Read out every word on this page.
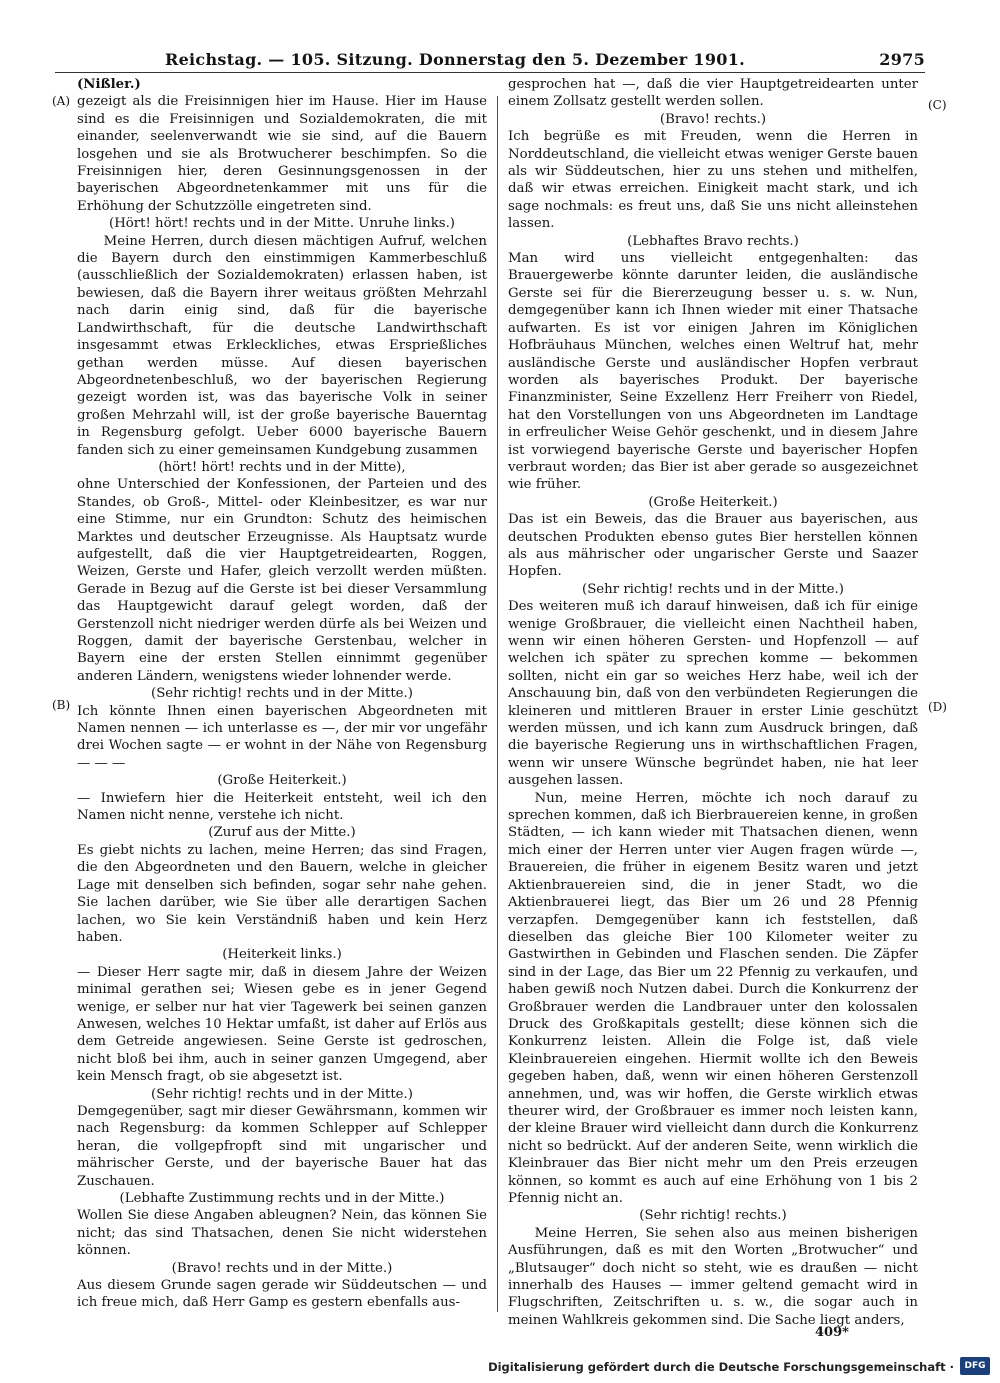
Reichstag. — 105. Sitzung. Donnerstag den 5. Dezember 1901.	2975
(A)
(B)
(C)
(D)

(Nißler.)

gezeigt als die Freisinnigen hier im Hause. Hier im Hause sind es die Freisinnigen und Sozialdemokraten, die mit einander, seelenverwandt wie sie sind, auf die Bauern losgehen und sie als Brotwucherer beschimpfen. So die Freisinnigen hier, deren Gesinnungsgenossen in der bayerischen Abgeordnetenkammer mit uns für die Erhöhung der Schutzzölle eingetreten sind.

(Hört! hört! rechts und in der Mitte. Unruhe links.)

Meine Herren, durch diesen mächtigen Aufruf, welchen die Bayern durch den einstimmigen Kammerbeschluß (ausschließlich der Sozialdemokraten) erlassen haben, ist bewiesen, daß die Bayern ihrer weitaus größten Mehrzahl nach darin einig sind, daß für die bayerische Landwirthschaft, für die deutsche Landwirthschaft insgesammt etwas Erkleckliches, etwas Ersprießliches gethan werden müsse. Auf diesen bayerischen Abgeordnetenbeschluß, wo der bayerischen Regierung gezeigt worden ist, was das bayerische Volk in seiner großen Mehrzahl will, ist der große bayerische Bauerntag in Regensburg gefolgt. Ueber 6000 bayerische Bauern fanden sich zu einer gemeinsamen Kundgebung zusammen

(hört! hört! rechts und in der Mitte),

ohne Unterschied der Konfessionen, der Parteien und des Standes, ob Groß-, Mittel- oder Kleinbesitzer, es war nur eine Stimme, nur ein Grundton: Schutz des heimischen Marktes und deutscher Erzeugnisse. Als Hauptsatz wurde aufgestellt, daß die vier Hauptgetreidearten, Roggen, Weizen, Gerste und Hafer, gleich verzollt werden müßten. Gerade in Bezug auf die Gerste ist bei dieser Versammlung das Hauptgewicht darauf gelegt worden, daß der Gerstenzoll nicht niedriger werden dürfe als bei Weizen und Roggen, damit der bayerische Gerstenbau, welcher in Bayern eine der ersten Stellen einnimmt gegenüber anderen Ländern, wenigstens wieder lohnender werde.

(Sehr richtig! rechts und in der Mitte.)

Ich könnte Ihnen einen bayerischen Abgeordneten mit Namen nennen — ich unterlasse es —, der mir vor ungefähr drei Wochen sagte — er wohnt in der Nähe von Regensburg — — —

(Große Heiterkeit.)

— Inwiefern hier die Heiterkeit entsteht, weil ich den Namen nicht nenne, verstehe ich nicht.

(Zuruf aus der Mitte.)

Es giebt nichts zu lachen, meine Herren; das sind Fragen, die den Abgeordneten und den Bauern, welche in gleicher Lage mit denselben sich befinden, sogar sehr nahe gehen. Sie lachen darüber, wie Sie über alle derartigen Sachen lachen, wo Sie kein Verständniß haben und kein Herz haben.

(Heiterkeit links.)

— Dieser Herr sagte mir, daß in diesem Jahre der Weizen minimal gerathen sei; Wiesen gebe es in jener Gegend wenige, er selber nur hat vier Tagewerk bei seinen ganzen Anwesen, welches 10 Hektar umfaßt, ist daher auf Erlös aus dem Getreide angewiesen. Seine Gerste ist gedroschen, nicht bloß bei ihm, auch in seiner ganzen Umgegend, aber kein Mensch fragt, ob sie abgesetzt ist.

(Sehr richtig! rechts und in der Mitte.)

Demgegenüber, sagt mir dieser Gewährsmann, kommen wir nach Regensburg: da kommen Schlepper auf Schlepper heran, die vollgepfropft sind mit ungarischer und mährischer Gerste, und der bayerische Bauer hat das Zuschauen.

(Lebhafte Zustimmung rechts und in der Mitte.)

Wollen Sie diese Angaben ableugnen? Nein, das können Sie nicht; das sind Thatsachen, denen Sie nicht widerstehen können.

(Bravo! rechts und in der Mitte.)

Aus diesem Grunde sagen gerade wir Süddeutschen — und ich freue mich, daß Herr Gamp es gestern ebenfalls aus-

gesprochen hat —, daß die vier Hauptgetreidearten unter einem Zollsatz gestellt werden sollen.

(Bravo! rechts.)

Ich begrüße es mit Freuden, wenn die Herren in Norddeutschland, die vielleicht etwas weniger Gerste bauen als wir Süddeutschen, hier zu uns stehen und mithelfen, daß wir etwas erreichen. Einigkeit macht stark, und ich sage nochmals: es freut uns, daß Sie uns nicht alleinstehen lassen.

(Lebhaftes Bravo rechts.)

Man wird uns vielleicht entgegenhalten: das Brauergewerbe könnte darunter leiden, die ausländische Gerste sei für die Biererzeugung besser u. s. w. Nun, demgegenüber kann ich Ihnen wieder mit einer Thatsache aufwarten. Es ist vor einigen Jahren im Königlichen Hofbräuhaus München, welches einen Weltruf hat, mehr ausländische Gerste und ausländischer Hopfen verbraut worden als bayerisches Produkt. Der bayerische Finanzminister, Seine Exzellenz Herr Freiherr von Riedel, hat den Vorstellungen von uns Abgeordneten im Landtage in erfreulicher Weise Gehör geschenkt, und in diesem Jahre ist vorwiegend bayerische Gerste und bayerischer Hopfen verbraut worden; das Bier ist aber gerade so ausgezeichnet wie früher.

(Große Heiterkeit.)

Das ist ein Beweis, das die Brauer aus bayerischen, aus deutschen Produkten ebenso gutes Bier herstellen können als aus mährischer oder ungarischer Gerste und Saazer Hopfen.

(Sehr richtig! rechts und in der Mitte.)

Des weiteren muß ich darauf hinweisen, daß ich für einige wenige Großbrauer, die vielleicht einen Nachtheil haben, wenn wir einen höheren Gersten- und Hopfenzoll — auf welchen ich später zu sprechen komme — bekommen sollten, nicht ein gar so weiches Herz habe, weil ich der Anschauung bin, daß von den verbündeten Regierungen die kleineren und mittleren Brauer in erster Linie geschützt werden müssen, und ich kann zum Ausdruck bringen, daß die bayerische Regierung uns in wirthschaftlichen Fragen, wenn wir unsere Wünsche begründet haben, nie hat leer ausgehen lassen.

Nun, meine Herren, möchte ich noch darauf zu sprechen kommen, daß ich Bierbrauereien kenne, in großen Städten, — ich kann wieder mit Thatsachen dienen, wenn mich einer der Herren unter vier Augen fragen würde —, Brauereien, die früher in eigenem Besitz waren und jetzt Aktienbrauereien sind, die in jener Stadt, wo die Aktienbrauerei liegt, das Bier um 26 und 28 Pfennig verzapfen. Demgegenüber kann ich feststellen, daß dieselben das gleiche Bier 100 Kilometer weiter zu Gastwirthen in Gebinden und Flaschen senden. Die Zäpfer sind in der Lage, das Bier um 22 Pfennig zu verkaufen, und haben gewiß noch Nutzen dabei. Durch die Konkurrenz der Großbrauer werden die Landbrauer unter den kolossalen Druck des Großkapitals gestellt; diese können sich die Konkurrenz leisten. Allein die Folge ist, daß viele Kleinbrauereien eingehen. Hiermit wollte ich den Beweis gegeben haben, daß, wenn wir einen höheren Gerstenzoll annehmen, und, was wir hoffen, die Gerste wirklich etwas theurer wird, der Großbrauer es immer noch leisten kann, der kleine Brauer wird vielleicht dann durch die Konkurrenz nicht so bedrückt. Auf der anderen Seite, wenn wirklich die Kleinbrauer das Bier nicht mehr um den Preis erzeugen können, so kommt es auch auf eine Erhöhung von 1 bis 2 Pfennig nicht an.

(Sehr richtig! rechts.)

Meine Herren, Sie sehen also aus meinen bisherigen Ausführungen, daß es mit den Worten „Brotwucher“ und „Blutsauger“ doch nicht so steht, wie es draußen — nicht innerhalb des Hauses — immer geltend gemacht wird in Flugschriften, Zeitschriften u. s. w., die sogar auch in meinen Wahlkreis gekommen sind. Die Sache liegt anders,

409*
Digitalisierung gefördert durch die Deutsche Forschungsgemeinschaft ·	DFG
